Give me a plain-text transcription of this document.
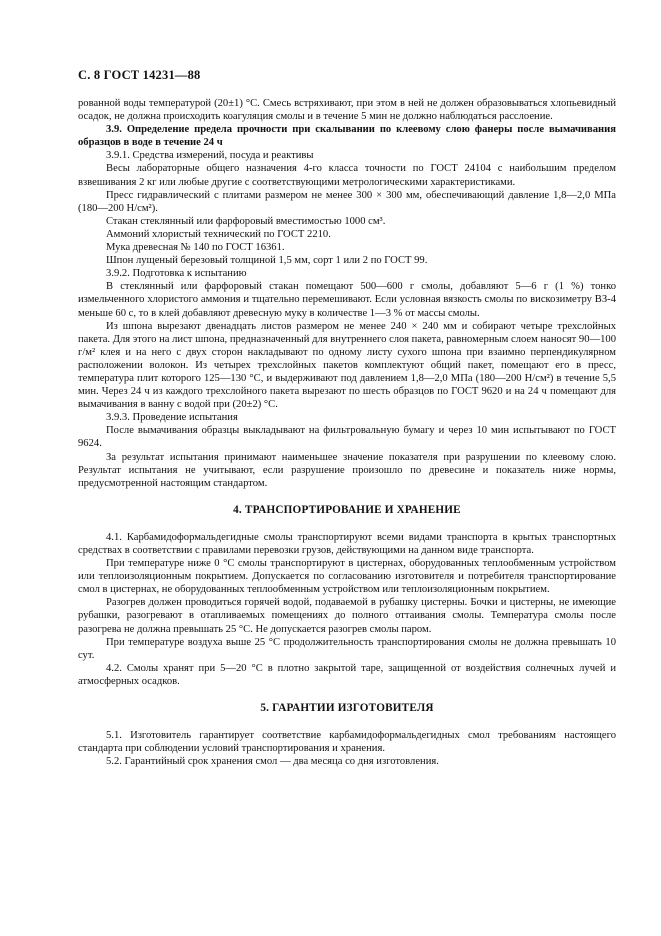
С. 8 ГОСТ 14231—88

рованной воды температурой (20±1) °С. Смесь встряхивают, при этом в ней не должен образовываться хлопьевидный осадок, не должна происходить коагуляция смолы и в течение 5 мин не должно наблюдаться расслоение.

3.9. Определение предела прочности при скалывании по клеевому слою фанеры после вымачивания образцов в воде в течение 24 ч

3.9.1. Средства измерений, посуда и реактивы

Весы лабораторные общего назначения 4-го класса точности по ГОСТ 24104 с наибольшим пределом взвешивания 2 кг или любые другие с соответствующими метрологическими характеристиками.

Пресс гидравлический с плитами размером не менее 300 × 300 мм, обеспечивающий давление 1,8—2,0 МПа (180—200 Н/см²).

Стакан стеклянный или фарфоровый вместимостью 1000 см³.

Аммоний хлористый технический по ГОСТ 2210.

Мука древесная № 140 по ГОСТ 16361.

Шпон лущеный березовый толщиной 1,5 мм, сорт 1 или 2 по ГОСТ 99.

3.9.2. Подготовка к испытанию

В стеклянный или фарфоровый стакан помещают 500—600 г смолы, добавляют 5—6 г (1 %) тонко измельченного хлористого аммония и тщательно перемешивают. Если условная вязкость смолы по вискозиметру ВЗ-4 меньше 60 с, то в клей добавляют древесную муку в количестве 1—3 % от массы смолы.

Из шпона вырезают двенадцать листов размером не менее 240 × 240 мм и собирают четыре трехслойных пакета. Для этого на лист шпона, предназначенный для внутреннего слоя пакета, равномерным слоем наносят 90—100 г/м² клея и на него с двух сторон накладывают по одному листу сухого шпона при взаимно перпендикулярном расположении волокон. Из четырех трехслойных пакетов комплектуют общий пакет, помещают его в пресс, температура плит которого 125—130 °С, и выдерживают под давлением 1,8—2,0 МПа (180—200 Н/см²) в течение 5,5 мин. Через 24 ч из каждого трехслойного пакета вырезают по шесть образцов по ГОСТ 9620 и на 24 ч помещают для вымачивания в ванну с водой при (20±2) °С.

3.9.3. Проведение испытания

После вымачивания образцы выкладывают на фильтровальную бумагу и через 10 мин испытывают по ГОСТ 9624.

За результат испытания принимают наименьшее значение показателя при разрушении по клеевому слою. Результат испытания не учитывают, если разрушение произошло по древесине и показатель ниже нормы, предусмотренной настоящим стандартом.

4. ТРАНСПОРТИРОВАНИЕ И ХРАНЕНИЕ

4.1. Карбамидоформальдегидные смолы транспортируют всеми видами транспорта в крытых транспортных средствах в соответствии с правилами перевозки грузов, действующими на данном виде транспорта.

При температуре ниже 0 °С смолы транспортируют в цистернах, оборудованных теплообменным устройством или теплоизоляционным покрытием. Допускается по согласованию изготовителя и потребителя транспортирование смол в цистернах, не оборудованных теплообменным устройством или теплоизоляционным покрытием.

Разогрев должен проводиться горячей водой, подаваемой в рубашку цистерны. Бочки и цистерны, не имеющие рубашки, разогревают в отапливаемых помещениях до полного оттаивания смолы. Температура смолы после разогрева не должна превышать 25 °С. Не допускается разогрев смолы паром.

При температуре воздуха выше 25 °С продолжительность транспортирования смолы не должна превышать 10 сут.

4.2. Смолы хранят при 5—20 °С в плотно закрытой таре, защищенной от воздействия солнечных лучей и атмосферных осадков.

5. ГАРАНТИИ ИЗГОТОВИТЕЛЯ

5.1. Изготовитель гарантирует соответствие карбамидоформальдегидных смол требованиям настоящего стандарта при соблюдении условий транспортирования и хранения.

5.2. Гарантийный срок хранения смол — два месяца со дня изготовления.
